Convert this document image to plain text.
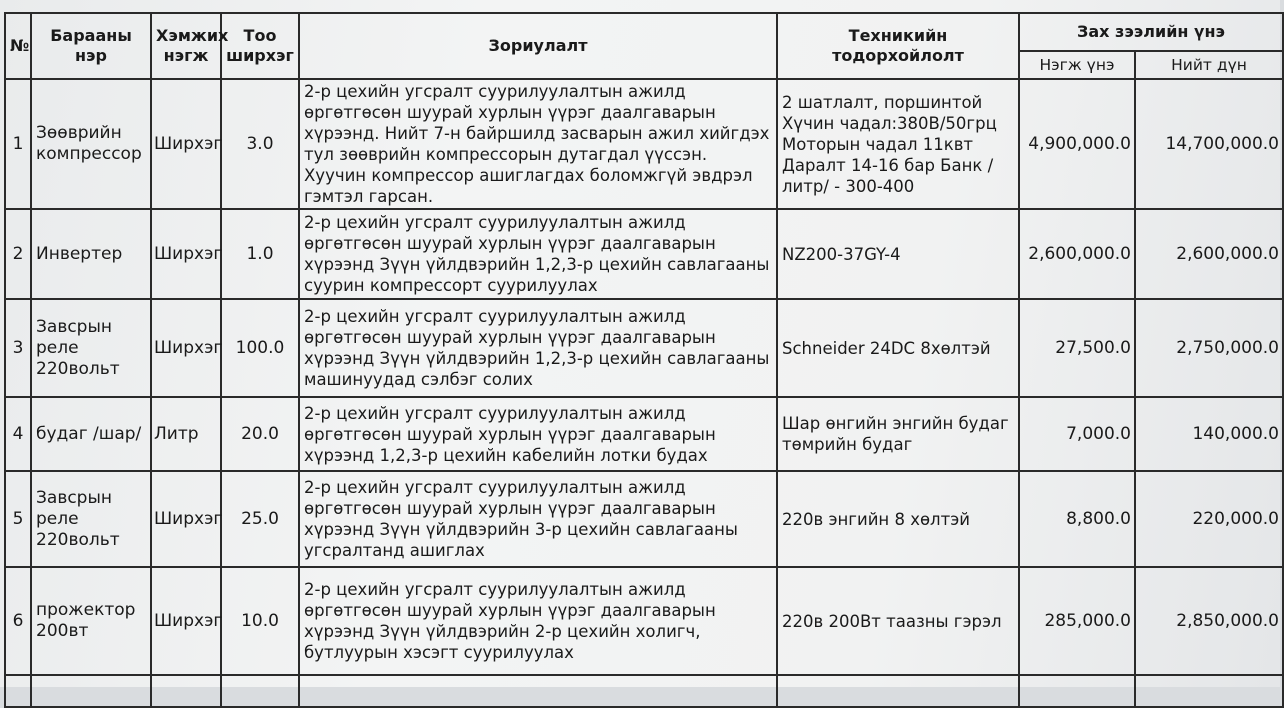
№	Барааны нэр	Хэмжих нэгж	Тоо ширхэг	Зориулалт	Техникийн тодорхойлолт	Зах зээлийн үнэ	
						Нэгж үнэ	Нийт дүн
1	Зөөврийн компрессор	Ширхэг	3.0	2-р цехийн угсралт суурилуулалтын ажилд өргөтгөсөн шуурай хурлын үүрэг даалгаварын хүрээнд. Нийт 7-н байршилд засварын ажил хийгдэх тул зөөврийн компрессорын дутагдал үүссэн. Хуучин компрессор ашиглагдах боломжгүй эвдрэл гэмтэл гарсан.	2 шатлалт, поршинтой Хүчин чадал:380В/50грц Моторын чадал 11квт Даралт 14-16 бар Банк /литр/ - 300-400	4,900,000.0	14,700,000.0
2	Инвертер	Ширхэг	1.0	2-р цехийн угсралт суурилуулалтын ажилд өргөтгөсөн шуурай хурлын үүрэг даалгаварын хүрээнд Зүүн үйлдвэрийн 1,2,3-р цехийн савлагааны суурин компрессорт суурилуулах	NZ200-37GY-4	2,600,000.0	2,600,000.0
3	Завсрын реле 220вольт	Ширхэг	100.0	2-р цехийн угсралт суурилуулалтын ажилд өргөтгөсөн шуурай хурлын үүрэг даалгаварын хүрээнд Зүүн үйлдвэрийн 1,2,3-р цехийн савлагааны машинуудад сэлбэг солих	Schneider 24DC 8хөлтэй	27,500.0	2,750,000.0
4	будаг /шар/	Литр	20.0	2-р цехийн угсралт суурилуулалтын ажилд өргөтгөсөн шуурай хурлын үүрэг даалгаварын хүрээнд 1,2,3-р цехийн кабелийн лотки будах	Шар өнгийн энгийн будаг төмрийн будаг	7,000.0	140,000.0
5	Завсрын реле 220вольт	Ширхэг	25.0	2-р цехийн угсралт суурилуулалтын ажилд өргөтгөсөн шуурай хурлын үүрэг даалгаварын хүрээнд Зүүн үйлдвэрийн 3-р цехийн савлагааны угсралтанд ашиглах	220в энгийн 8 хөлтэй	8,800.0	220,000.0
6	прожектор 200вт	Ширхэг	10.0	2-р цехийн угсралт суурилуулалтын ажилд өргөтгөсөн шуурай хурлын үүрэг даалгаварын хүрээнд Зүүн үйлдвэрийн 2-р цехийн холигч, бутлуурын хэсэгт суурилуулах	220в 200Вт таазны гэрэл	285,000.0	2,850,000.0
